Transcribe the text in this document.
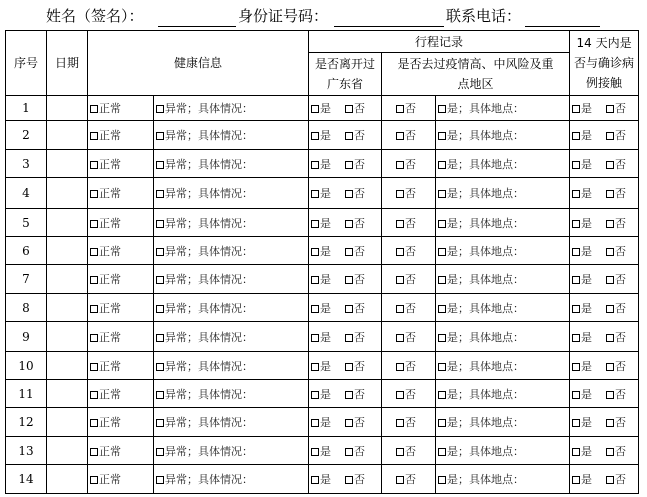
姓名（签名）：	身份证号码：	联系电话：
序号	日期	健康信息		行程记录			14 天内是否与确诊病例接触
				是否离开过广东省	是否去过疫情高、中风险及重点地区		
1		正常	异常；具体情况：	是 否	否	是；具体地点：	是 否
2		正常	异常；具体情况：	是 否	否	是；具体地点：	是 否
3		正常	异常；具体情况：	是 否	否	是；具体地点：	是 否
4		正常	异常；具体情况：	是 否	否	是；具体地点：	是 否
5		正常	异常；具体情况：	是 否	否	是；具体地点：	是 否
6		正常	异常；具体情况：	是 否	否	是；具体地点：	是 否
7		正常	异常；具体情况：	是 否	否	是；具体地点：	是 否
8		正常	异常；具体情况：	是 否	否	是；具体地点：	是 否
9		正常	异常；具体情况：	是 否	否	是；具体地点：	是 否
10		正常	异常；具体情况：	是 否	否	是；具体地点：	是 否
11		正常	异常；具体情况：	是 否	否	是；具体地点：	是 否
12		正常	异常；具体情况：	是 否	否	是；具体地点：	是 否
13		正常	异常；具体情况：	是 否	否	是；具体地点：	是 否
14		正常	异常；具体情况：	是 否	否	是；具体地点：	是 否
